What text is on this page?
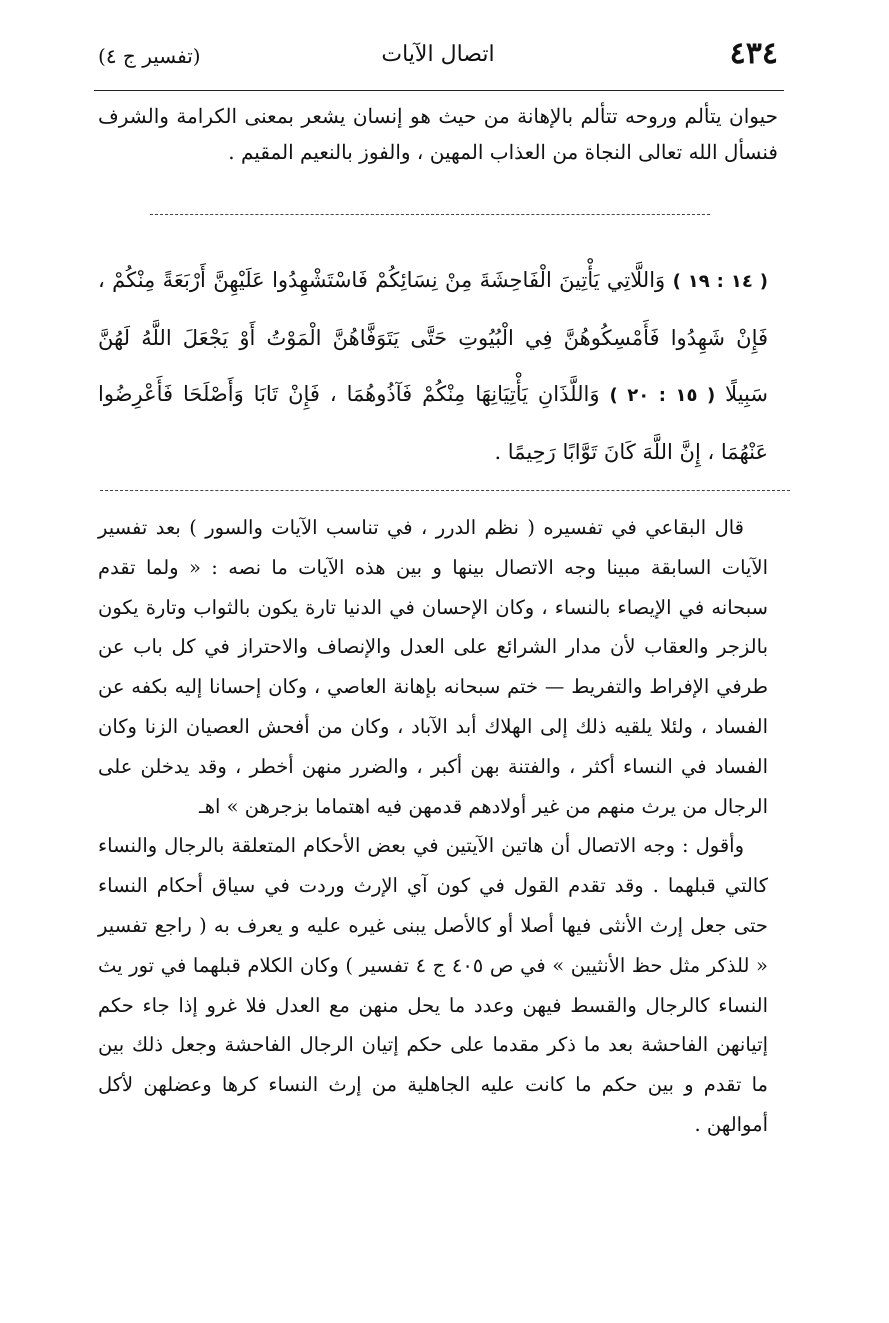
٤٣٤
اتصال الآيات
(تفسير ج ٤)
حيوان يتألم وروحه تتألم بالإهانة من حيث هو إنسان يشعر بمعنى الكرامة والشرف فنسأل الله تعالى النجاة من العذاب المهين ، والفوز بالنعيم المقيم .
( ١٤ : ١٩ ) وَاللَّاتِي يَأْتِينَ الْفَاحِشَةَ مِنْ نِسَائِكُمْ فَاسْتَشْهِدُوا عَلَيْهِنَّ أَرْبَعَةً مِنْكُمْ ، فَإِنْ شَهِدُوا فَأَمْسِكُوهُنَّ فِي الْبُيُوتِ حَتَّى يَتَوَفَّاهُنَّ الْمَوْتُ أَوْ يَجْعَلَ اللَّهُ لَهُنَّ سَبِيلًا ( ١٥ : ٢٠ ) وَاللَّذَانِ يَأْتِيَانِهَا مِنْكُمْ فَآذُوهُمَا ، فَإِنْ تَابَا وَأَصْلَحَا فَأَعْرِضُوا عَنْهُمَا ، إِنَّ اللَّهَ كَانَ تَوَّابًا رَحِيمًا .

قال البقاعي في تفسيره ( نظم الدرر ، في تناسب الآيات والسور ) بعد تفسير الآيات السابقة مبينا وجه الاتصال بينها و بين هذه الآيات ما نصه : « ولما تقدم سبحانه في الإيصاء بالنساء ، وكان الإحسان في الدنيا تارة يكون بالثواب وتارة يكون بالزجر والعقاب لأن مدار الشرائع على العدل والإنصاف والاحتراز في كل باب عن طرفي الإفراط والتفريط — ختم سبحانه بإهانة العاصي ، وكان إحسانا إليه بكفه عن الفساد ، ولئلا يلقيه ذلك إلى الهلاك أبد الآباد ، وكان من أفحش العصيان الزنا وكان الفساد في النساء أكثر ، والفتنة بهن أكبر ، والضرر منهن أخطر ، وقد يدخلن على الرجال من يرث منهم من غير أولادهم قدمهن فيه اهتماما بزجرهن » اهـ

وأقول : وجه الاتصال أن هاتين الآيتين في بعض الأحكام المتعلقة بالرجال والنساء كالتي قبلهما . وقد تقدم القول في كون آي الإرث وردت في سياق أحكام النساء حتى جعل إرث الأنثى فيها أصلا أو كالأصل يبنى غيره عليه و يعرف به ( راجع تفسير « للذكر مثل حظ الأنثيين » في ص ٤٠٥ ج ٤ تفسير ) وكان الكلام قبلهما في تور يث النساء كالرجال والقسط فيهن وعدد ما يحل منهن مع العدل فلا غرو إذا جاء حكم إتيانهن الفاحشة بعد ما ذكر مقدما على حكم إتيان الرجال الفاحشة وجعل ذلك بين ما تقدم و بين حكم ما كانت عليه الجاهلية من إرث النساء كرها وعضلهن لأكل أموالهن .
